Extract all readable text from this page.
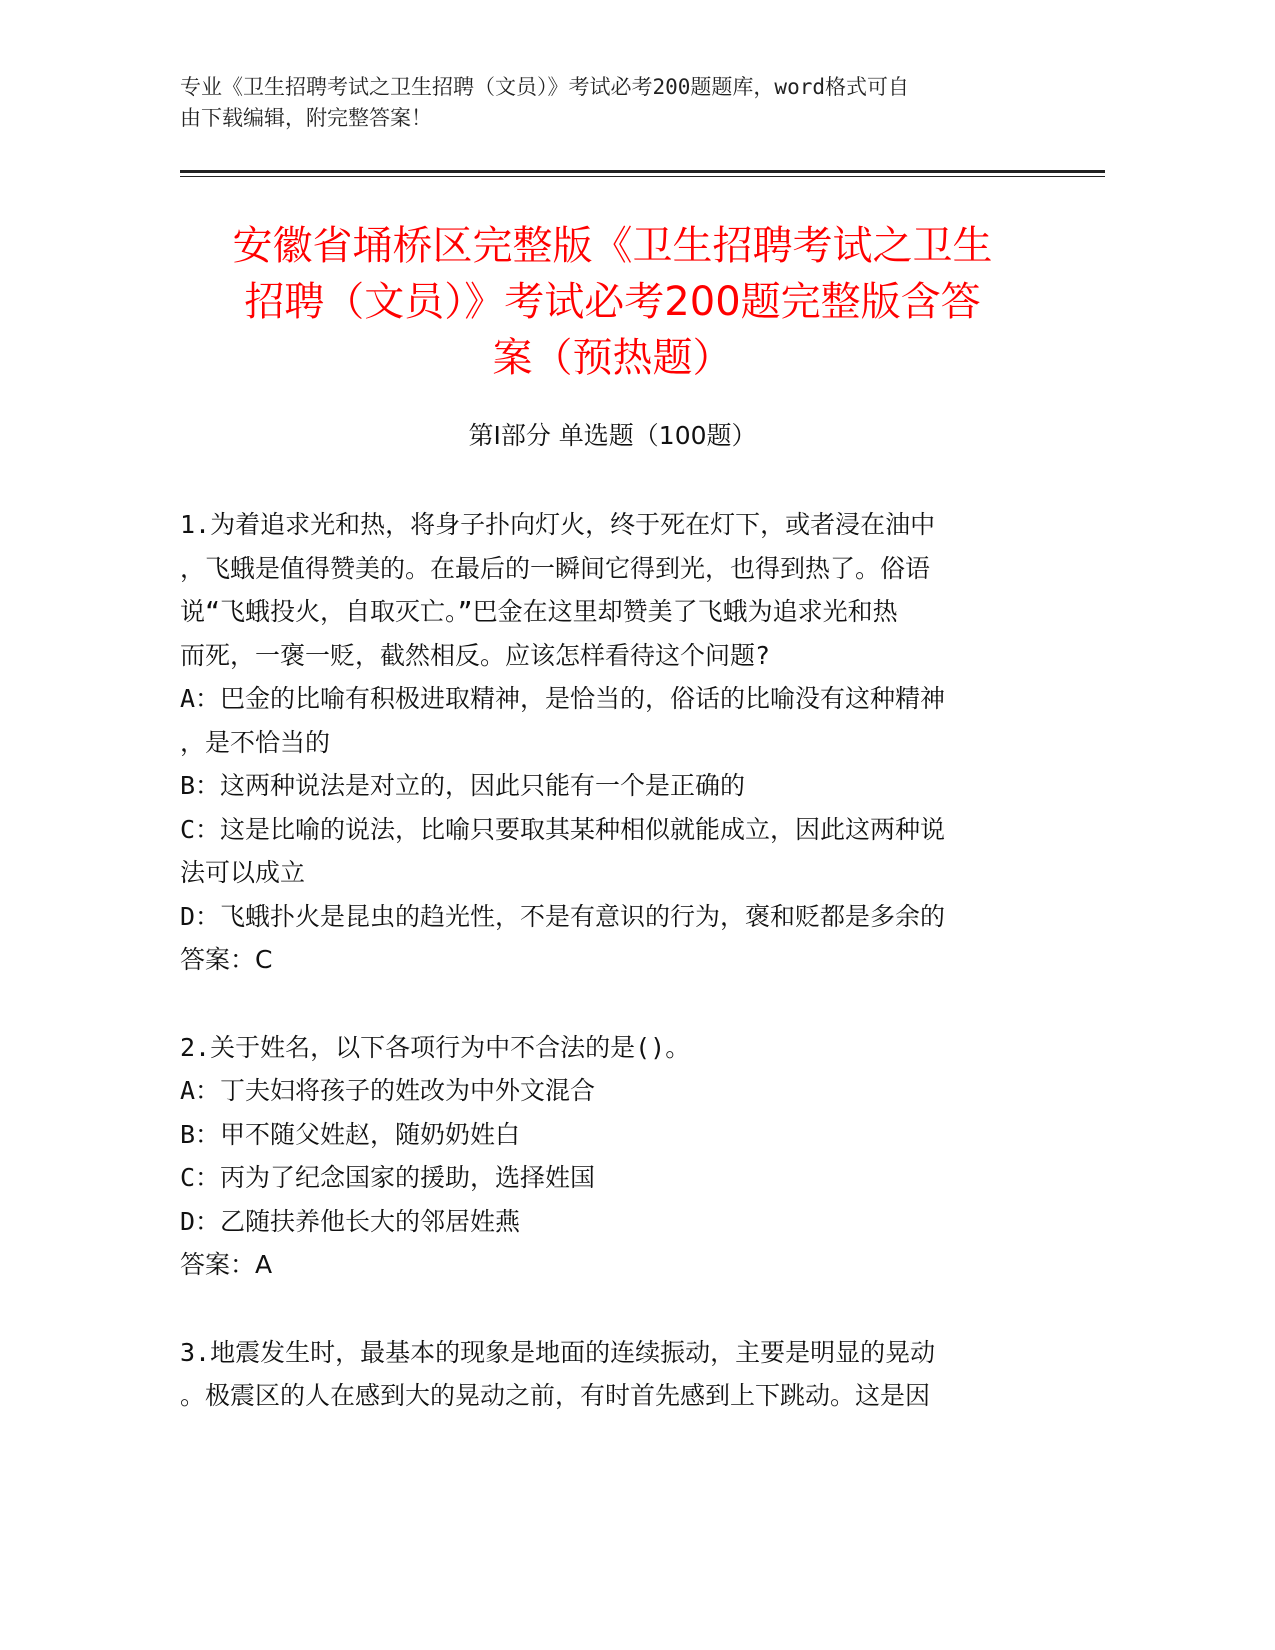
专业《卫生招聘考试之卫生招聘（文员）》考试必考200题题库，word格式可自
由下载编辑，附完整答案！
安徽省埇桥区完整版《卫生招聘考试之卫生
招聘（文员）》考试必考200题完整版含答
案（预热题）
第Ⅰ部分 单选题（100题）
1.为着追求光和热，将身子扑向灯火，终于死在灯下，或者浸在油中
，飞蛾是值得赞美的。在最后的一瞬间它得到光，也得到热了。俗语
说“飞蛾投火，自取灭亡。”巴金在这里却赞美了飞蛾为追求光和热
而死，一褒一贬，截然相反。应该怎样看待这个问题?
A：巴金的比喻有积极进取精神，是恰当的，俗话的比喻没有这种精神
，是不恰当的
B：这两种说法是对立的，因此只能有一个是正确的
C：这是比喻的说法，比喻只要取其某种相似就能成立，因此这两种说
法可以成立
D：飞蛾扑火是昆虫的趋光性，不是有意识的行为，褒和贬都是多余的
答案：C
2.关于姓名，以下各项行为中不合法的是()。
A：丁夫妇将孩子的姓改为中外文混合
B：甲不随父姓赵，随奶奶姓白
C：丙为了纪念国家的援助，选择姓国
D：乙随扶养他长大的邻居姓燕
答案：A
3.地震发生时，最基本的现象是地面的连续振动，主要是明显的晃动
。极震区的人在感到大的晃动之前，有时首先感到上下跳动。这是因
